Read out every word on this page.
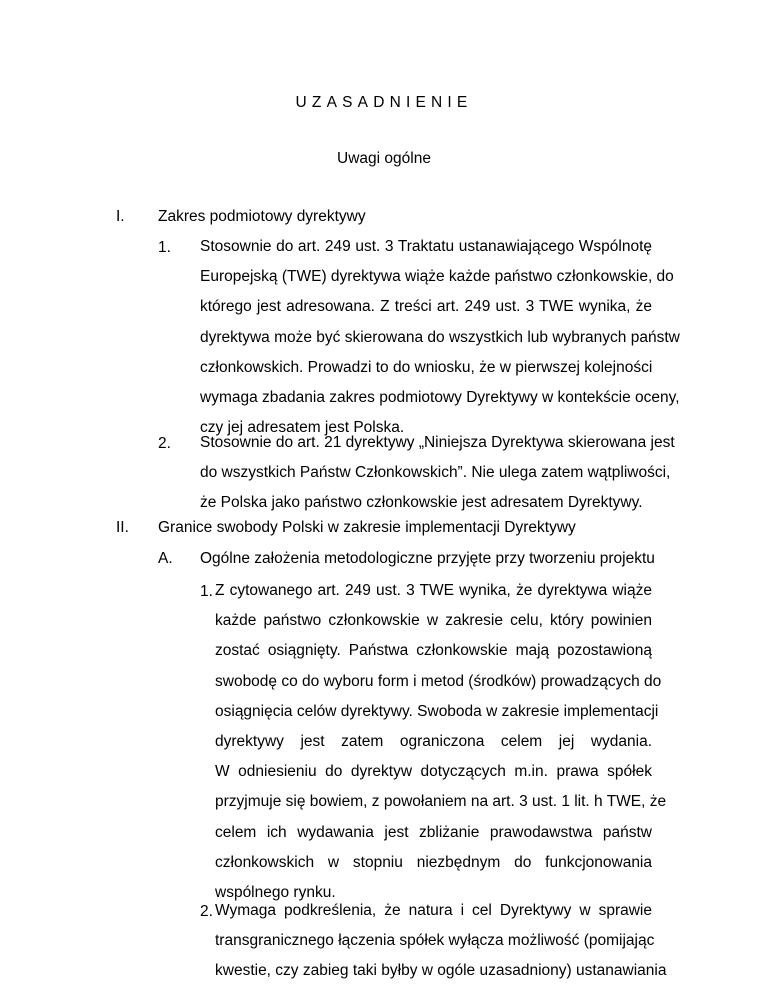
UZASADNIENIE
Uwagi ogólne
I. Zakres podmiotowy dyrektywy
1. Stosownie do art. 249 ust. 3 Traktatu ustanawiającego Wspólnotę
Europejską (TWE) dyrektywa wiąże każde państwo członkowskie, do
którego jest adresowana. Z treści art. 249 ust. 3 TWE wynika, że
dyrektywa może być skierowana do wszystkich lub wybranych państw
członkowskich. Prowadzi to do wniosku, że w pierwszej kolejności
wymaga zbadania zakres podmiotowy Dyrektywy w kontekście oceny,
czy jej adresatem jest Polska.
2. Stosownie do art. 21 dyrektywy „Niniejsza Dyrektywa skierowana jest
do wszystkich Państw Członkowskich”. Nie ulega zatem wątpliwości,
że Polska jako państwo członkowskie jest adresatem Dyrektywy.
II. Granice swobody Polski w zakresie implementacji Dyrektywy
A. Ogólne założenia metodologiczne przyjęte przy tworzeniu projektu
1. Z cytowanego art. 249 ust. 3 TWE wynika, że dyrektywa wiąże
każde państwo członkowskie w zakresie celu, który powinien
zostać osiągnięty. Państwa członkowskie mają pozostawioną
swobodę co do wyboru form i metod (środków) prowadzących do
osiągnięcia celów dyrektywy. Swoboda w zakresie implementacji
dyrektywy jest zatem ograniczona celem jej wydania.
W odniesieniu do dyrektyw dotyczących m.in. prawa spółek
przyjmuje się bowiem, z powołaniem na art. 3 ust. 1 lit. h TWE, że
celem ich wydawania jest zbliżanie prawodawstwa państw
członkowskich w stopniu niezbędnym do funkcjonowania
wspólnego rynku.
2. Wymaga podkreślenia, że natura i cel Dyrektywy w sprawie
transgranicznego łączenia spółek wyłącza możliwość (pomijając
kwestie, czy zabieg taki byłby w ogóle uzasadniony) ustanawiania
